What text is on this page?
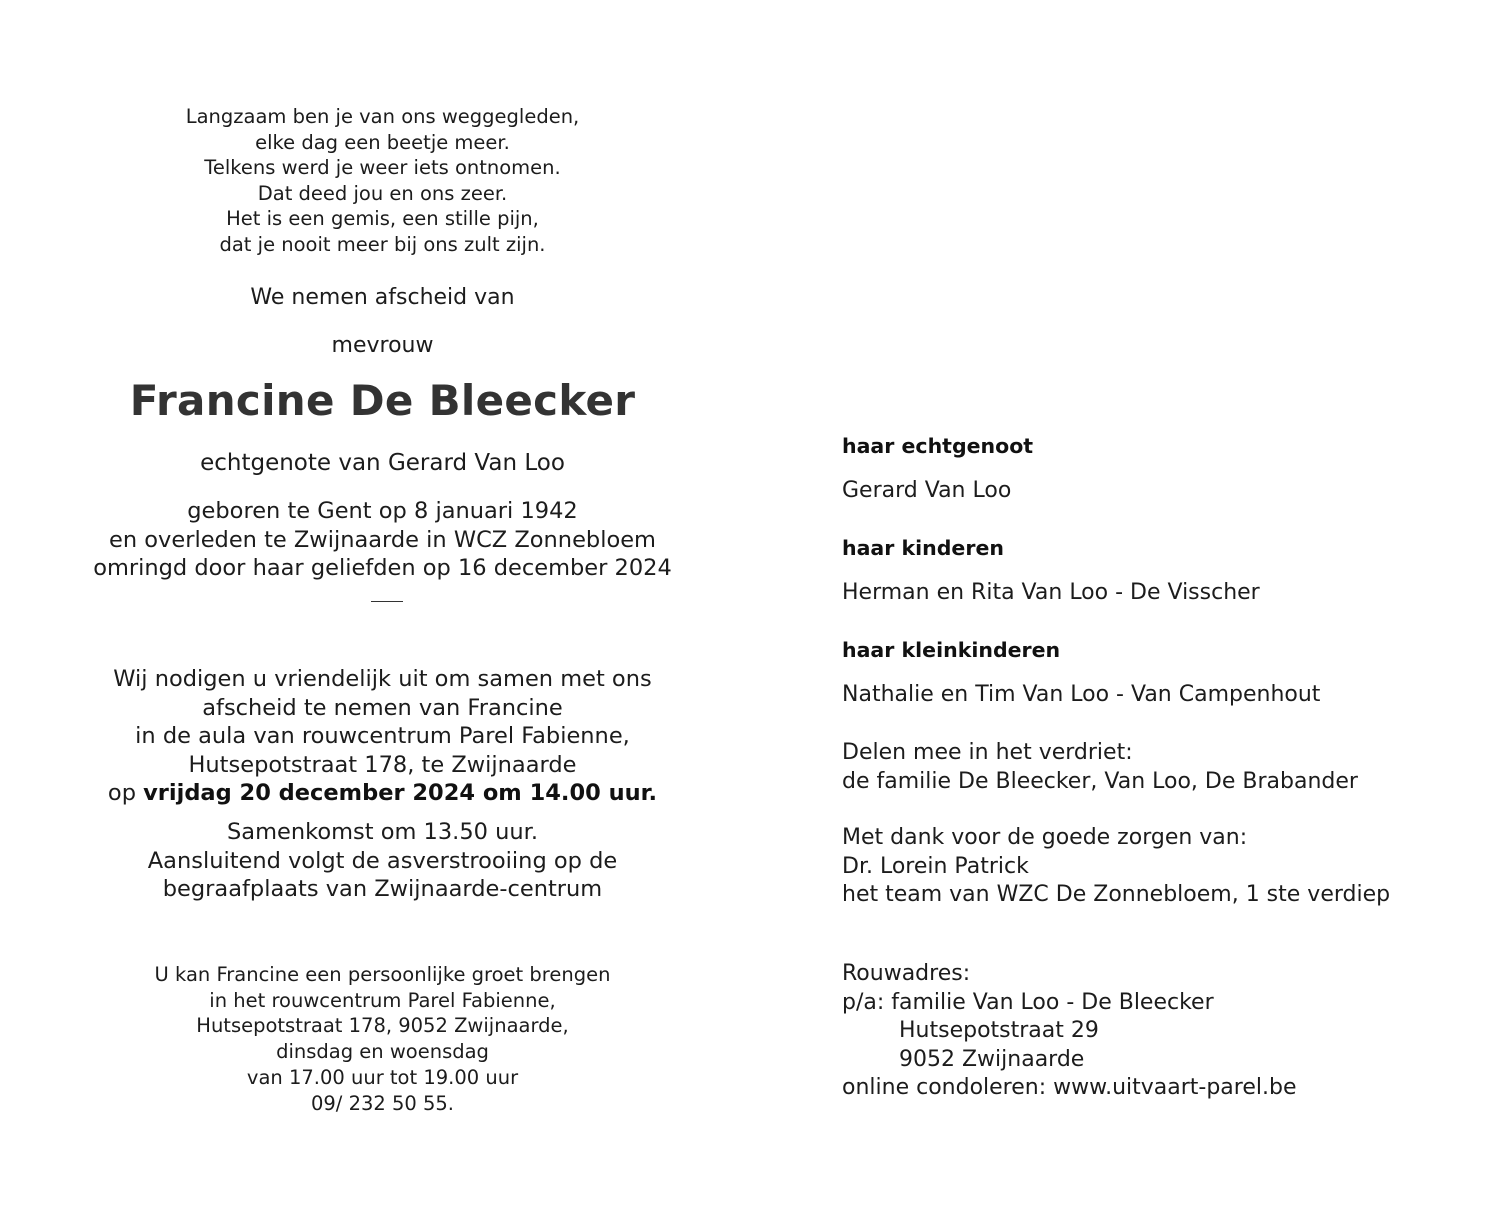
Langzaam ben je van ons weggegleden,
elke dag een beetje meer.
Telkens werd je weer iets ontnomen.
Dat deed jou en ons zeer.
Het is een gemis, een stille pijn,
dat je nooit meer bij ons zult zijn.
We nemen afscheid van
mevrouw
Francine De Bleecker
echtgenote van Gerard Van Loo
geboren te Gent op 8 januari 1942
en overleden te Zwijnaarde in WCZ Zonnebloem
omringd door haar geliefden op 16 december 2024
Wij nodigen u vriendelijk uit om samen met ons
afscheid te nemen van Francine
in de aula van rouwcentrum Parel Fabienne,
Hutsepotstraat 178, te Zwijnaarde
op vrijdag 20 december 2024 om 14.00 uur.
Samenkomst om 13.50 uur.
Aansluitend volgt de asverstrooiing op de
begraafplaats van Zwijnaarde-centrum
U kan Francine een persoonlijke groet brengen
in het rouwcentrum Parel Fabienne,
Hutsepotstraat 178, 9052 Zwijnaarde,
dinsdag en woensdag
van 17.00 uur tot 19.00 uur
09/ 232 50 55.
haar echtgenoot
Gerard Van Loo
haar kinderen
Herman en Rita Van Loo - De Visscher
haar kleinkinderen
Nathalie en Tim Van Loo - Van Campenhout
Delen mee in het verdriet:
de familie De Bleecker, Van Loo, De Brabander
Met dank voor de goede zorgen van:
Dr. Lorein Patrick
het team van WZC De Zonnebloem, 1 ste verdiep
Rouwadres:
p/a: familie Van Loo - De Bleecker
Hutsepotstraat 29
9052 Zwijnaarde
online condoleren: www.uitvaart-parel.be
